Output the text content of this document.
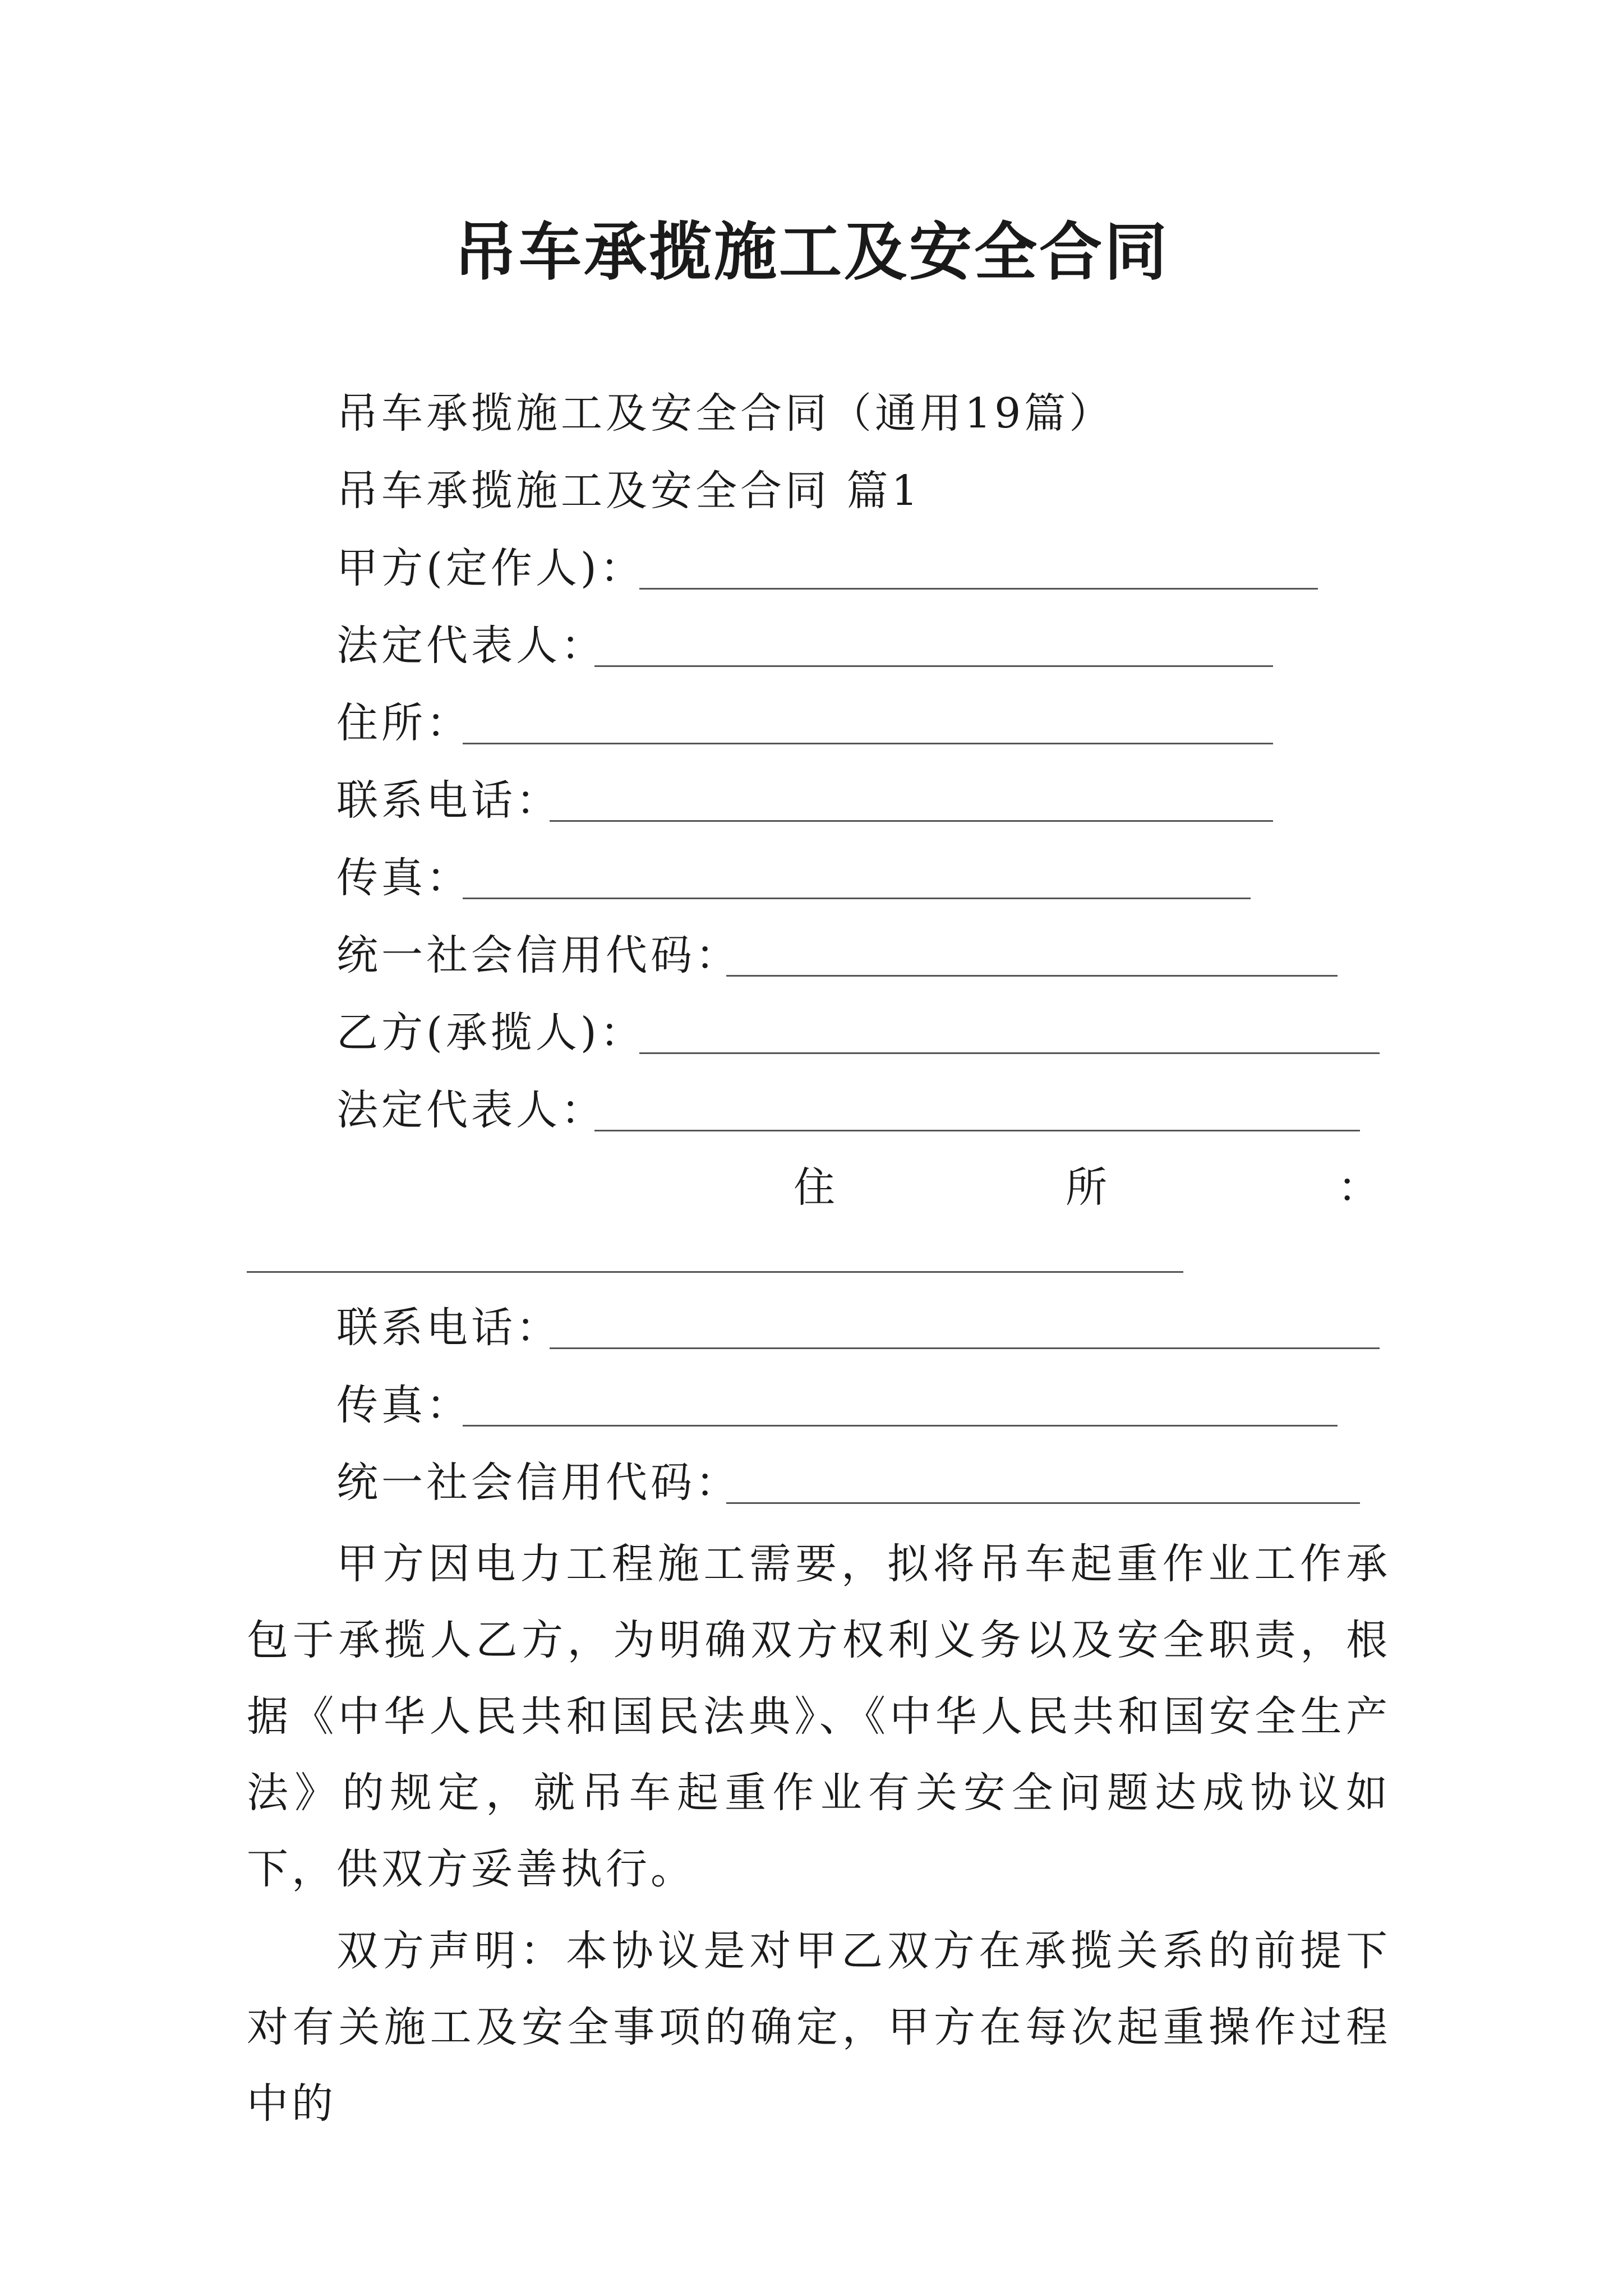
吊车承揽施工及安全合同
吊车承揽施工及安全合同（通用19篇）
吊车承揽施工及安全合同 篇1
甲方(定作人)：
法定代表人：
住所：
联系电话：
传真：
统一社会信用代码：
乙方(承揽人)：
法定代表人：
住	所	：
联系电话：
传真：
统一社会信用代码：
甲方因电力工程施工需要，拟将吊车起重作业工作承包于承揽人乙方，为明确双方权利义务以及安全职责，根据《中华人民共和国民法典》、《中华人民共和国安全生产法》的规定，就吊车起重作业有关安全问题达成协议如下，供双方妥善执行。
双方声明：本协议是对甲乙双方在承揽关系的前提下对有关施工及安全事项的确定，甲方在每次起重操作过程中的
